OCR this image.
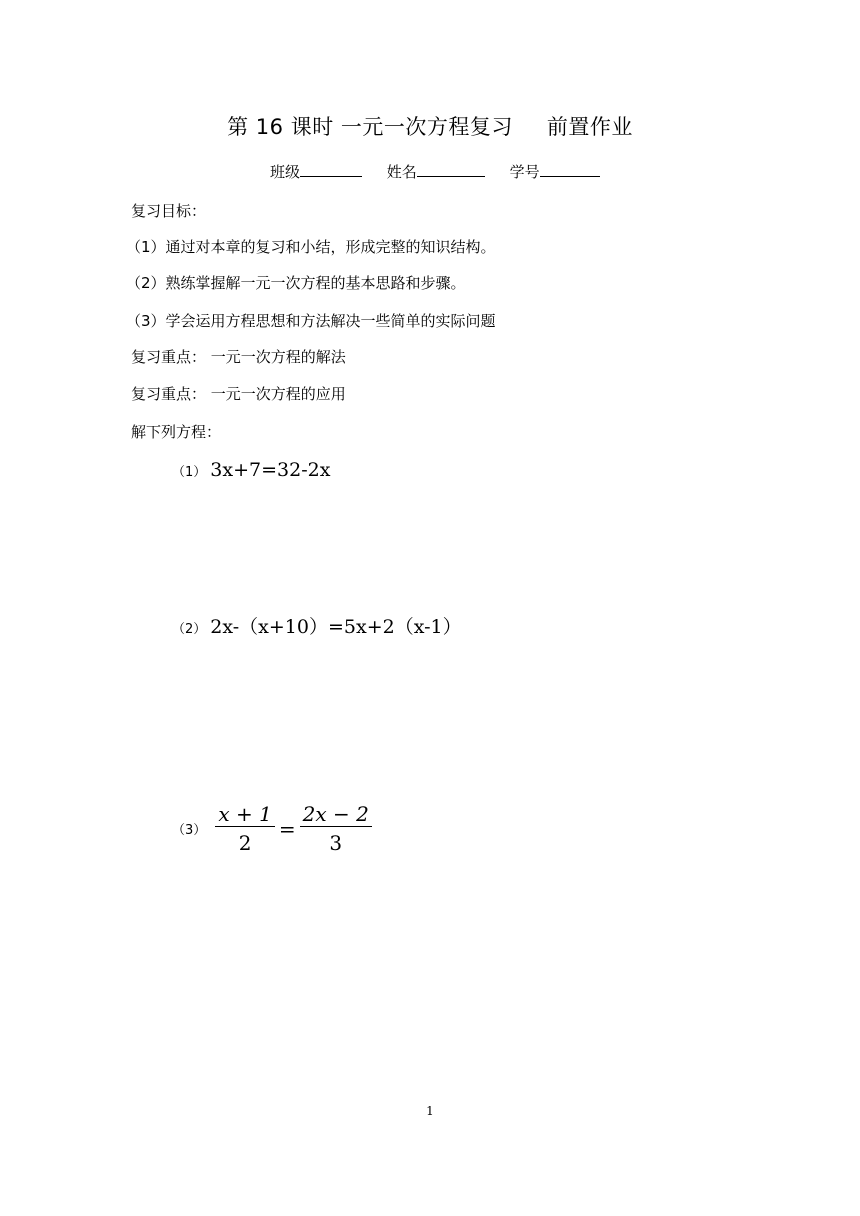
第 16 课时 一元一次方程复习 前置作业
班级	姓名	学号
复习目标：
（1）通过对本章的复习和小结，形成完整的知识结构。
（2）熟练掌握解一元一次方程的基本思路和步骤。
（3）学会运用方程思想和方法解决一些简单的实际问题
复习重点： 一元一次方程的解法
复习重点： 一元一次方程的应用
解下列方程：
（1） 3x+7=32-2x
（2） 2x-（x+10）=5x+2（x-1）
$(3) \frac{x + 1}{2} = \frac{2x - 2}{3}$
1
